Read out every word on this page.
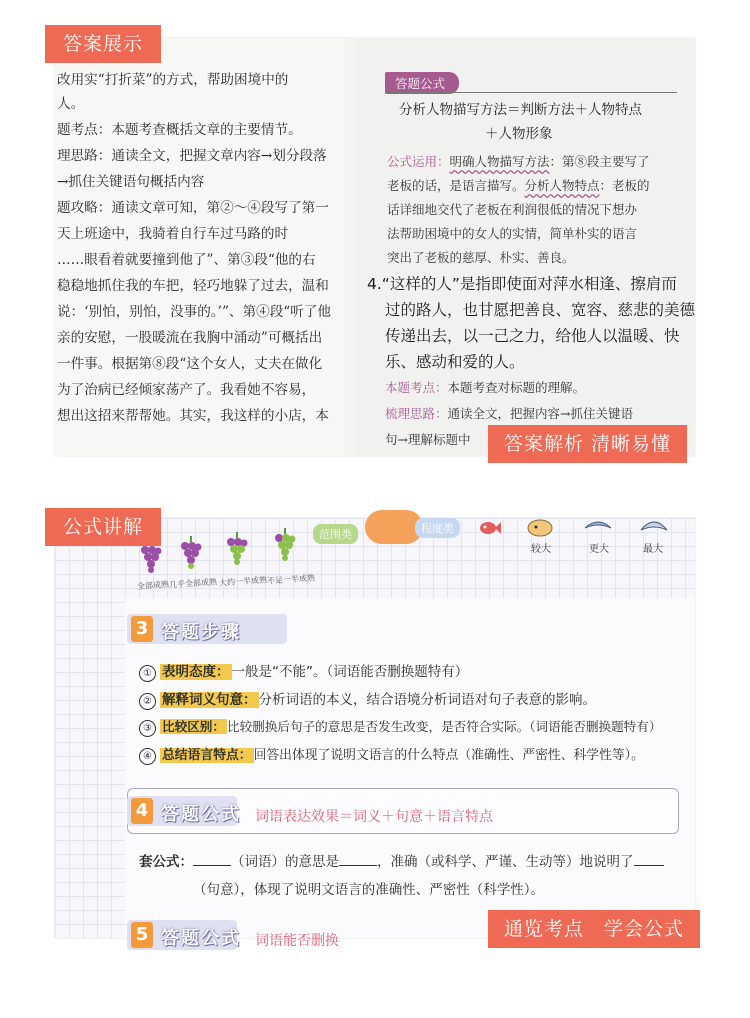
答案展示
改用实“打折菜”的方式，帮助困境中的
人。
题考点：本题考查概括文章的主要情节。
理思路：通读全文，把握文章内容→划分段落
→抓住关键语句概括内容
题攻略：通读文章可知，第②～④段写了第一
天上班途中，我骑着自行车过马路的时
……眼看着就要撞到他了”、第③段“他的右
稳稳地抓住我的车把，轻巧地躲了过去，温和
说：‘别怕，别怕，没事的。’”、第④段“听了他
亲的安慰，一股暖流在我胸中涌动”可概括出
一件事。根据第⑧段“这个女人，丈夫在做化
为了治病已经倾家荡产了。我看她不容易，
想出这招来帮帮她。其实，我这样的小店，本
答题公式
分析人物描写方法＝判断方法＋人物特点
＋人物形象
公式运用：明确人物描写方法：第⑧段主要写了
老板的话，是语言描写。分析人物特点：老板的
话详细地交代了老板在利润很低的情况下想办
法帮助困境中的女人的实情，简单朴实的语言
突出了老板的慈厚、朴实、善良。
4.“这样的人”是指即使面对萍水相逢、擦肩而
过的路人，也甘愿把善良、宽容、慈悲的美德
传递出去，以一己之力，给他人以温暖、快
乐、感动和爱的人。
本题考点：本题考查对标题的理解。
梳理思路：通读全文，把握内容→抓住关键语
句→理解标题中	答案解析 清晰易懂
公式讲解
全部成熟 几乎全部成熟 大约一半成熟 不足一半成熟
范围类	程度类
较大	更大	最大
3 答题步骤
① 表明态度： 一般是“不能”。（词语能否删换题特有）
② 解释词义句意： 分析词语的本义，结合语境分析词语对句子表意的影响。
③ 比较区别： 比较删换后句子的意思是否发生改变，是否符合实际。（词语能否删换题特有）
④ 总结语言特点： 回答出体现了说明文语言的什么特点（准确性、严密性、科学性等）。
4 答题公式 词语表达效果＝词义＋句意＋语言特点
套公式：	（词语）的意思是	，准确（或科学、严谨、生动等）地说明了
（句意），体现了说明文语言的准确性、严密性（科学性）。
5 答题公式 词语能否删换
通览考点　学会公式
